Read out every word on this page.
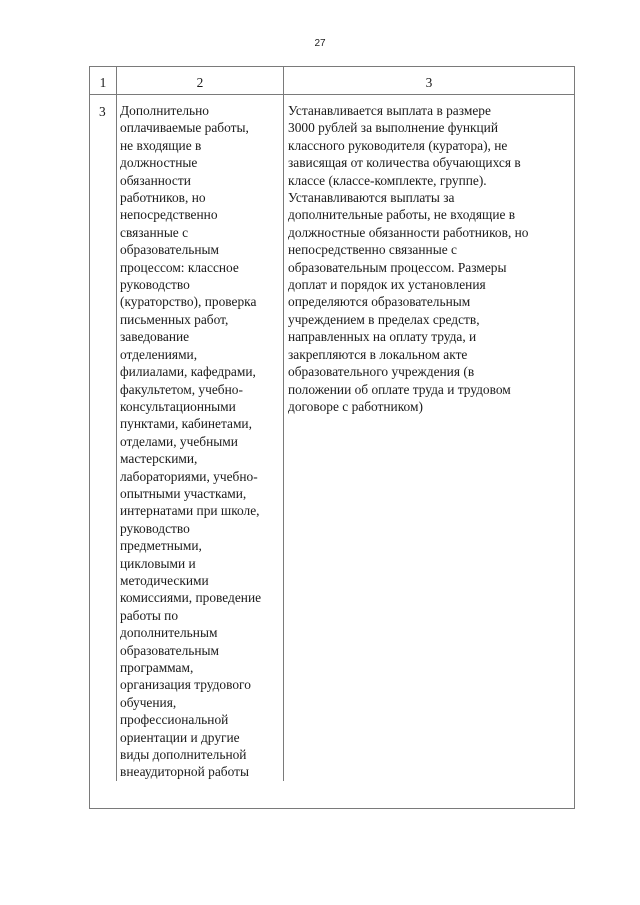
27
1	2	3
3 Дополнительно
оплачиваемые работы,
не входящие в
должностные
обязанности
работников, но
непосредственно
связанные с
образовательным
процессом: классное
руководство
(кураторство), проверка
письменных работ,
заведование
отделениями,
филиалами, кафедрами,
факультетом, учебно-
консультационными
пунктами, кабинетами,
отделами, учебными
мастерскими,
лабораториями, учебно-
опытными участками,
интернатами при школе,
руководство
предметными,
цикловыми и
методическими
комиссиями, проведение
работы по
дополнительным
образовательным
программам,
организация трудового
обучения,
профессиональной
ориентации и другие
виды дополнительной
внеаудиторной работы
Устанавливается выплата в размере
3000 рублей за выполнение функций
классного руководителя (куратора), не
зависящая от количества обучающихся в
классе (классе-комплекте, группе).
Устанавливаются выплаты за
дополнительные работы, не входящие в
должностные обязанности работников, но
непосредственно связанные с
образовательным процессом. Размеры
доплат и порядок их установления
определяются образовательным
учреждением в пределах средств,
направленных на оплату труда, и
закрепляются в локальном акте
образовательного учреждения (в
положении об оплате труда и трудовом
договоре с работником)
